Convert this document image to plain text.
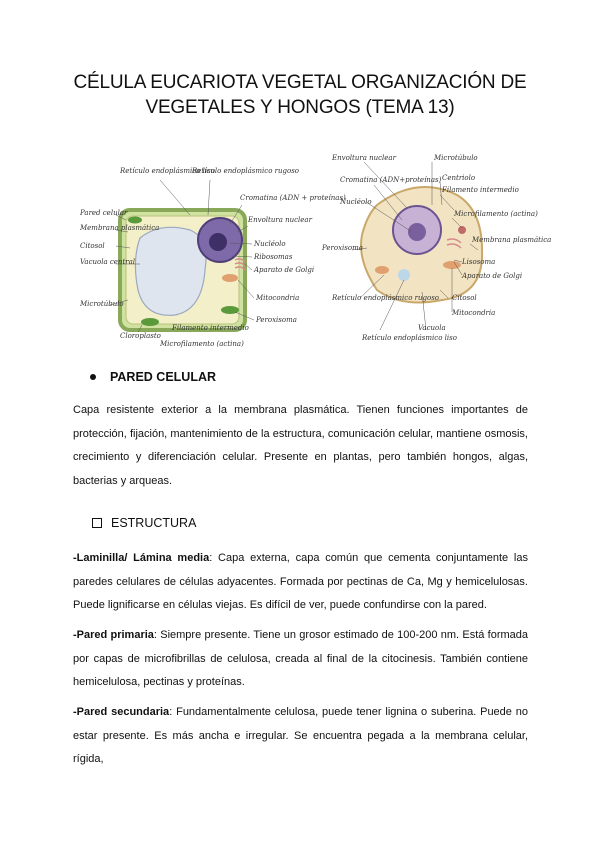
CÉLULA EUCARIOTA VEGETAL ORGANIZACIÓN DE VEGETALES Y HONGOS (TEMA 13)
Retículo endoplásmico liso
Retículo endoplásmico rugoso
Pared celular
Membrana plasmática
Citosol
Vacuola central
Microtúbulo
Cloroplasto
Cromatina (ADN + proteínas)
Envoltura nuclear
Nucléolo
Ribosomas
Aparato de Golgi
Mitocondria
Filamento intermedio
Peroxisoma
Microfilamento (actina)
Envoltura nuclear	Microtúbulo
Cromatina (ADN+proteínas) Centriolo
Filamento intermedio
Nucléolo
Microfilamento (actina)
Peroxisoma
Membrana plasmática
Lisosoma
Aparato de Golgi
Citosol
Mitocondria
Retículo endoplásmico rugoso
Retículo endoplásmico liso
Vacuola
PARED CELULAR
Capa resistente exterior a la membrana plasmática. Tienen funciones importantes de protección, fijación, mantenimiento de la estructura, comunicación celular, mantiene osmosis, crecimiento y diferenciación celular. Presente en plantas, pero también hongos, algas, bacterias y arqueas.
ESTRUCTURA
-Laminilla/ Lámina media: Capa externa, capa común que cementa conjuntamente las paredes celulares de células adyacentes. Formada por pectinas de Ca, Mg y hemicelulosas. Puede lignificarse en células viejas. Es difícil de ver, puede confundirse con la pared.
-Pared primaria: Siempre presente. Tiene un grosor estimado de 100-200 nm. Está formada por capas de microfibrillas de celulosa, creada al final de la citocinesis. También contiene hemicelulosa, pectinas y proteínas.
-Pared secundaria: Fundamentalmente celulosa, puede tener lignina o suberina. Puede no estar presente. Es más ancha e irregular. Se encuentra pegada a la membrana celular, rígida,
